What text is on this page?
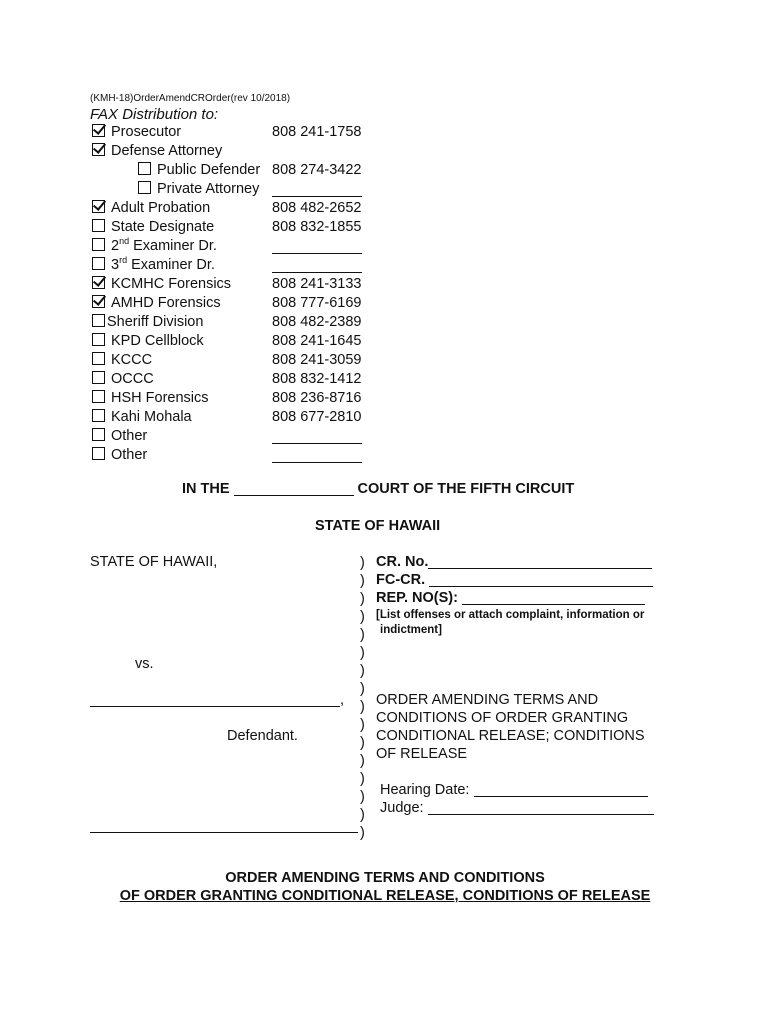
(KMH-18)OrderAmendCROrder(rev 10/2018)
FAX Distribution to:
Prosecutor	808 241-1758
Defense Attorney
Public Defender 808 274-3422
Private Attorney
Adult Probation	808 482-2652
State Designate	808 832-1855
2nd Examiner Dr.
3rd Examiner Dr.
KCMHC Forensics	808 241-3133
AMHD Forensics	808 777-6169
Sheriff Division	808 482-2389
KPD Cellblock	808 241-1645
KCCC	808 241-3059
OCCC	808 832-1412
HSH Forensics	808 236-8716
Kahi Mohala	808 677-2810
Other
Other
IN THE	COURT OF THE FIFTH CIRCUIT
STATE OF HAWAII
STATE OF HAWAII,
vs.
,
Defendant.
)
)
)
)
)
)
)
)
)
)
)
)
)
)
)
)
CR. No.
FC-CR.
REP. NO(S):
[List offenses or attach complaint, information or
indictment]
ORDER AMENDING TERMS AND
CONDITIONS OF ORDER GRANTING
CONDITIONAL RELEASE; CONDITIONS
OF RELEASE
Hearing Date:
Judge:
ORDER AMENDING TERMS AND CONDITIONS
OF ORDER GRANTING CONDITIONAL RELEASE, CONDITIONS OF RELEASE
